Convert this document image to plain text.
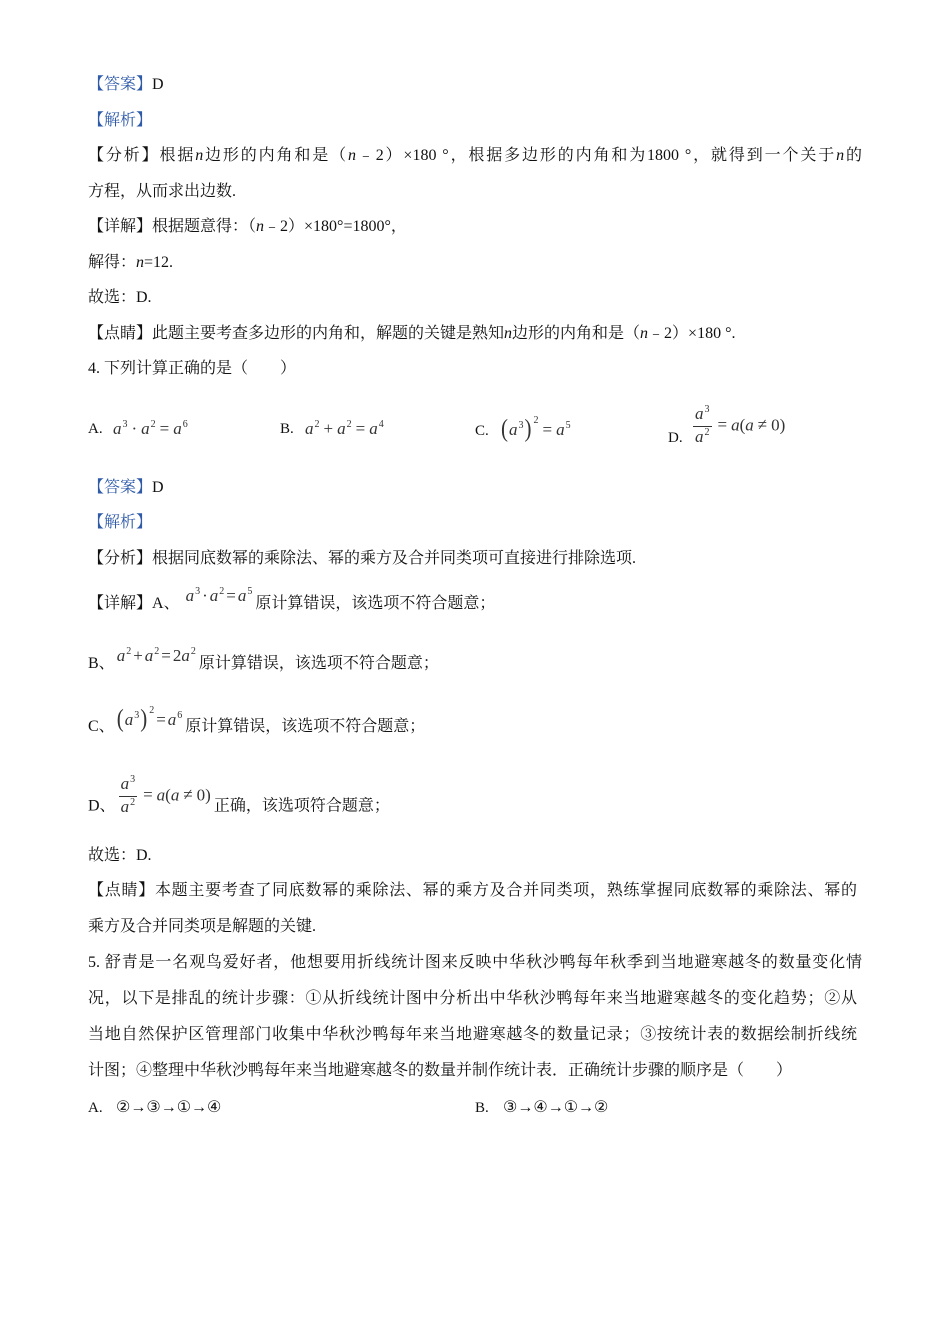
【答案】D
【解析】
【分析】根据n边形的内角和是（n﹣2）×180 °，根据多边形的内角和为1800 °，就得到一个关于n的
方程，从而求出边数.
【详解】根据题意得：（n﹣2）×180°=1800°，
解得：n=12.
故选：D.
【点睛】此题主要考查多边形的内角和，解题的关键是熟知n边形的内角和是（n﹣2）×180 °.
4. 下列计算正确的是（　　）
A. $a^3 \cdot a^2 = a^6$	B. $a^2 + a^2 = a^4$	C. $(a^3) ^2 = a^5$
D. $\frac{a^3}{a^2} = a(a \ne 0)$
【答案】D
【解析】
【分析】根据同底数幂的乘除法、幂的乘方及合并同类项可直接进行排除选项.
【详解】A、 $a^3 \cdot a^2 = a^5$原计算错误，该选项不符合题意；
B、 $a^2 + a^2 = 2a^2$原计算错误，该选项不符合题意；
C、$(a^3) ^2 = a^6$原计算错误，该选项不符合题意；
D、 $\frac{a^3}{a^2} = a(a \ne 0)$正确，该选项符合题意；
故选：D.
【点睛】本题主要考查了同底数幂的乘除法、幂的乘方及合并同类项，熟练掌握同底数幂的乘除法、幂的
乘方及合并同类项是解题的关键.
5. 舒青是一名观鸟爱好者，他想要用折线统计图来反映中华秋沙鸭每年秋季到当地避寒越冬的数量变化情
况，以下是排乱的统计步骤：①从折线统计图中分析出中华秋沙鸭每年来当地避寒越冬的变化趋势；②从
当地自然保护区管理部门收集中华秋沙鸭每年来当地避寒越冬的数量记录；③按统计表的数据绘制折线统
计图；④整理中华秋沙鸭每年来当地避寒越冬的数量并制作统计表．正确统计步骤的顺序是（　　）
A. ②→③→①→④	B. ③→④→①→②
